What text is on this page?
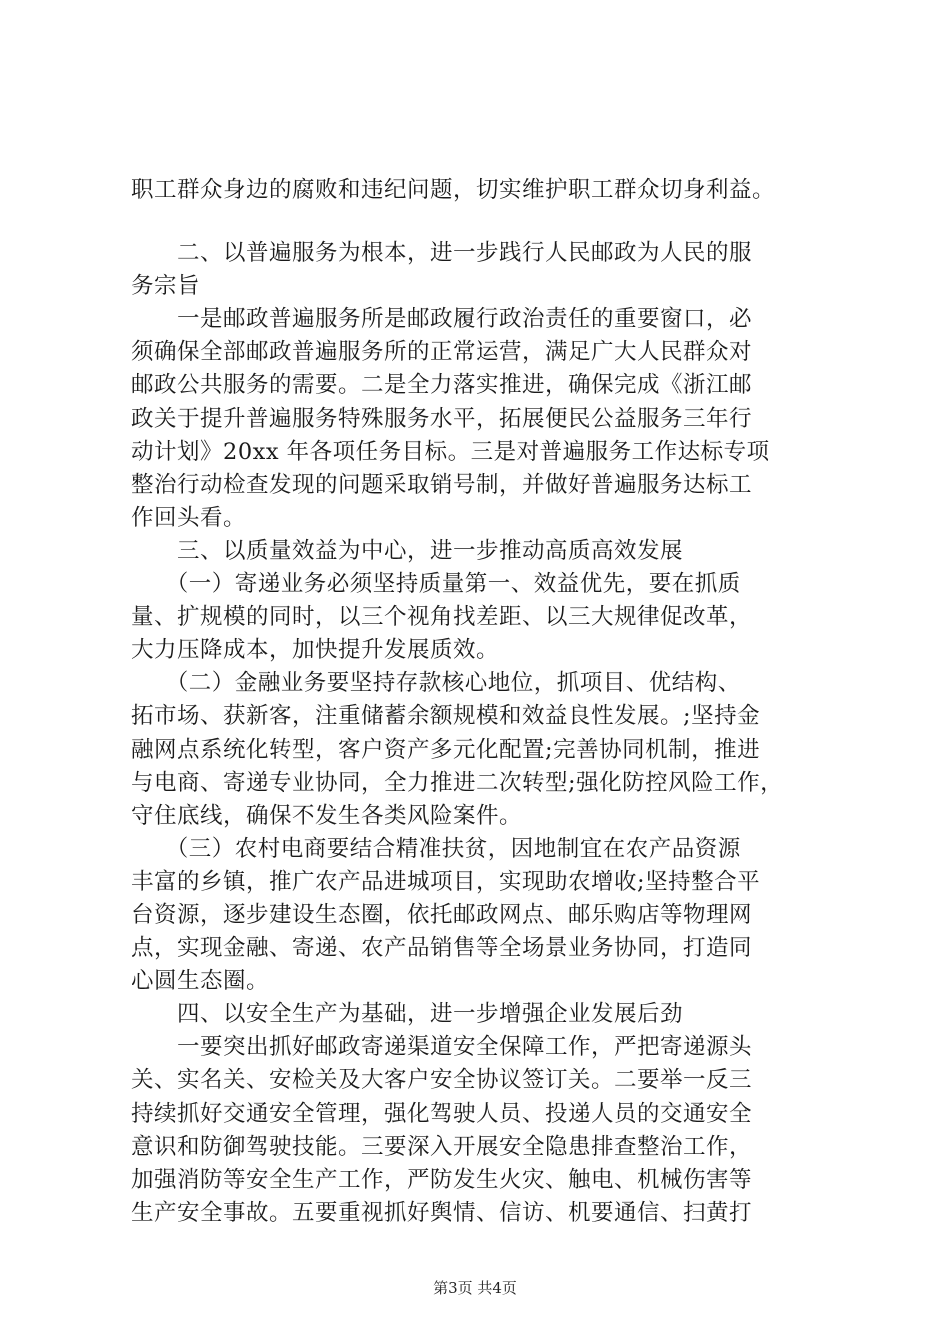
职工群众身边的腐败和违纪问题，切实维护职工群众切身利益。
　　二、以普遍服务为根本，进一步践行人民邮政为人民的服
务宗旨
　　一是邮政普遍服务所是邮政履行政治责任的重要窗口，必
须确保全部邮政普遍服务所的正常运营，满足广大人民群众对
邮政公共服务的需要。二是全力落实推进，确保完成《浙江邮
政关于提升普遍服务特殊服务水平，拓展便民公益服务三年行
动计划》20xx 年各项任务目标。三是对普遍服务工作达标专项
整治行动检查发现的问题采取销号制，并做好普遍服务达标工
作回头看。
　　三、以质量效益为中心，进一步推动高质高效发展
　　（一）寄递业务必须坚持质量第一、效益优先，要在抓质
量、扩规模的同时，以三个视角找差距、以三大规律促改革，
大力压降成本，加快提升发展质效。
　　（二）金融业务要坚持存款核心地位，抓项目、优结构、
拓市场、获新客，注重储蓄余额规模和效益良性发展。;坚持金
融网点系统化转型，客户资产多元化配置;完善协同机制，推进
与电商、寄递专业协同，全力推进二次转型;强化防控风险工作，
守住底线，确保不发生各类风险案件。
　　（三）农村电商要结合精准扶贫，因地制宜在农产品资源
丰富的乡镇，推广农产品进城项目，实现助农增收;坚持整合平
台资源，逐步建设生态圈，依托邮政网点、邮乐购店等物理网
点，实现金融、寄递、农产品销售等全场景业务协同，打造同
心圆生态圈。
　　四、以安全生产为基础，进一步增强企业发展后劲
　　一要突出抓好邮政寄递渠道安全保障工作，严把寄递源头
关、实名关、安检关及大客户安全协议签订关。二要举一反三
持续抓好交通安全管理，强化驾驶人员、投递人员的交通安全
意识和防御驾驶技能。三要深入开展安全隐患排查整治工作，
加强消防等安全生产工作，严防发生火灾、触电、机械伤害等
生产安全事故。五要重视抓好舆情、信访、机要通信、扫黄打
第3页 共4页
